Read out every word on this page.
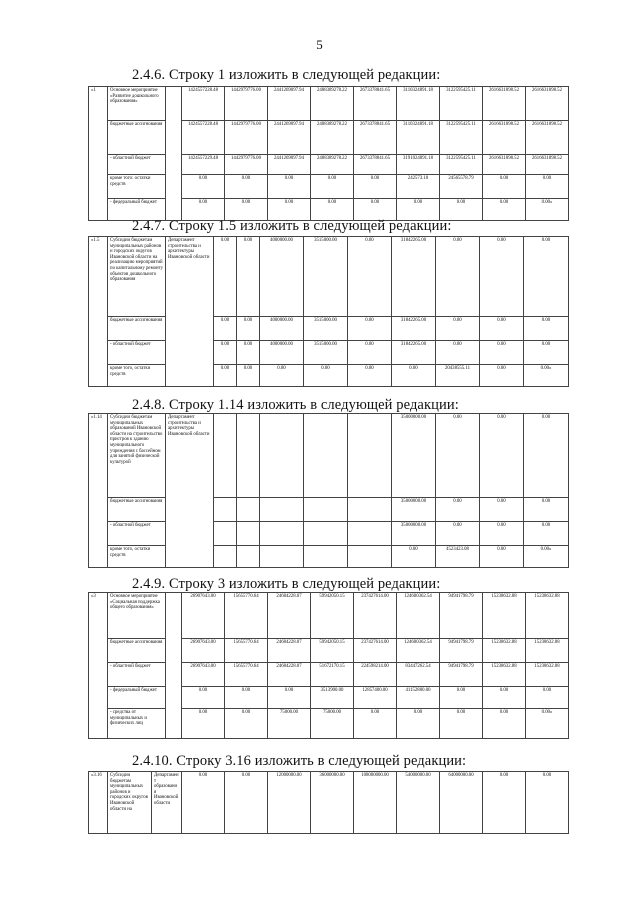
5
2.4.6. Строку 1 изложить в следующей редакции:
«1	Основное мероприятие «Развитие дошкольного образования»		1424557228.48	1442979776.00	2441269097.94	2488389278.22	2673378841.65	3110324891.18	3122595425.11	2616631898.52	2616631898.52
	бюджетные ассигнования		1424557228.48	1442979776.00	2441269097.94	2488389278.22	2673378841.65	3110324891.18	3122595425.11	2616631898.52	2616631898.52
	- областной бюджет		1424557229.48	1442979776.00	2441269097.94	2488389278.22	2673378841.65	3191024891.18	3122595425.11	2616631898.52	2616631898.52
	кроме того: остатки средств		0.00	0.00	0.00	0.00	0.00	242573.10	24565578.79	0.00	0.00
	- федеральный бюджет		0.00	0.00	0.00	0.00	0.00	0.00	0.00	0.00	0.00»
2.4.7. Строку 1.5 изложить в следующей редакции:
«1.5	Субсидии бюджетам муниципальных районов и городских округов Ивановской области на реализацию мероприятий по капитальному ремонту объектов дошкольного образования	Департамент строительства и архитектуры Ивановской области	0.00	0.00	4000000.00	3515000.00	0.00	31842265.00	0.00	0.00	0.00
	бюджетные ассигнования		0.00	0.00	4000000.00	3515000.00	0.00	31842265.00	0.00	0.00	0.00
	- областной бюджет		0.00	0.00	4000000.00	3515000.00	0.00	31842265.00	0.00	0.00	0.00
	кроме того, остатки средств		0.00	0.00	0.00	0.00	0.00	0.00	20438555.11	0.00	0.00»
2.4.8. Строку 1.14 изложить в следующей редакции:
«1.14	Субсидии бюджетам муниципальных образований Ивановской области на строительство пристроя к зданию муниципального учреждения с бассейном для занятий физической культурой	Департамент строительства и архитектуры Ивановской области						35000000.00	0.00	0.00	0.00
	бюджетные ассигнования							35000000.00	0.00	0.00	0.00
	- областной бюджет							35000000.00	0.00	0.00	0.00
	кроме того, остатки средств							0.00	4523423.08	0.00	0.00»
2.4.9. Строку 3 изложить в следующей редакции:
«3	Основное мероприятие «Социальная поддержка общего образования»		26907643.00	15655770.64	24684228.07	59942050.15	237427614.00	124600362.54	94941798.79	15238632.88	15238632.88
	бюджетные ассигнования		26907643.00	15655770.64	24684228.07	59942050.15	237427614.00	124600362.54	94941798.79	15238632.88	15238632.88
	- областной бюджет		26907643.00	15655770.64	24684228.07	51672170.15	224598214.00	83447262.54	94941798.79	15238632.88	15238632.88
	- федеральный бюджет		0.00	0.00	0.00	3513900.00	12857400.00	41152800.00	0.00	0.00	0.00
	- средства от муниципальных и физических лиц		0.00	0.00	75000.00	75000.00	0.00	0.00	0.00	0.00	0.00»
2.4.10. Строку 3.16 изложить в следующей редакции:
«3.16	Субсидии бюджетам муниципальных районов и городских округов Ивановской области на	Департамент образования Ивановской области	0.00	0.00	12000000.00	36000000.00	108000000.00	54000000.00	64000000.00	0.00	0.00
